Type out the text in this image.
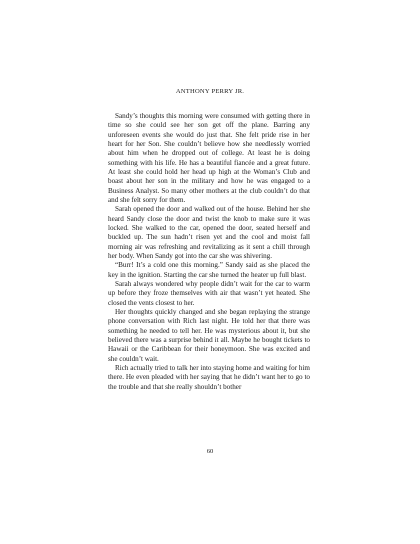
ANTHONY PERRY JR.

Sandy’s thoughts this morning were consumed with getting there in time so she could see her son get off the plane. Barring any unforeseen events she would do just that. She felt pride rise in her heart for her Son. She couldn’t believe how she needlessly worried about him when he dropped out of college. At least he is doing something with his life. He has a beautiful fiancée and a great future. At least she could hold her head up high at the Woman’s Club and boast about her son in the military and how he was engaged to a Business Analyst. So many other mothers at the club couldn’t do that and she felt sorry for them.

Sarah opened the door and walked out of the house. Behind her she heard Sandy close the door and twist the knob to make sure it was locked. She walked to the car, opened the door, seated herself and buckled up. The sun hadn’t risen yet and the cool and moist fall morning air was refreshing and revitalizing as it sent a chill through her body. When Sandy got into the car she was shivering.

“Burr! It’s a cold one this morning.” Sandy said as she placed the key in the ignition. Starting the car she turned the heater up full blast.

Sarah always wondered why people didn’t wait for the car to warm up before they froze themselves with air that wasn’t yet heated. She closed the vents closest to her.

Her thoughts quickly changed and she began replaying the strange phone conversation with Rich last night. He told her that there was something he needed to tell her. He was mysterious about it, but she believed there was a surprise behind it all. Maybe he bought tickets to Hawaii or the Caribbean for their honeymoon. She was excited and she couldn’t wait.

Rich actually tried to talk her into staying home and waiting for him there. He even pleaded with her saying that he didn’t want her to go to the trouble and that she really shouldn’t bother

60
